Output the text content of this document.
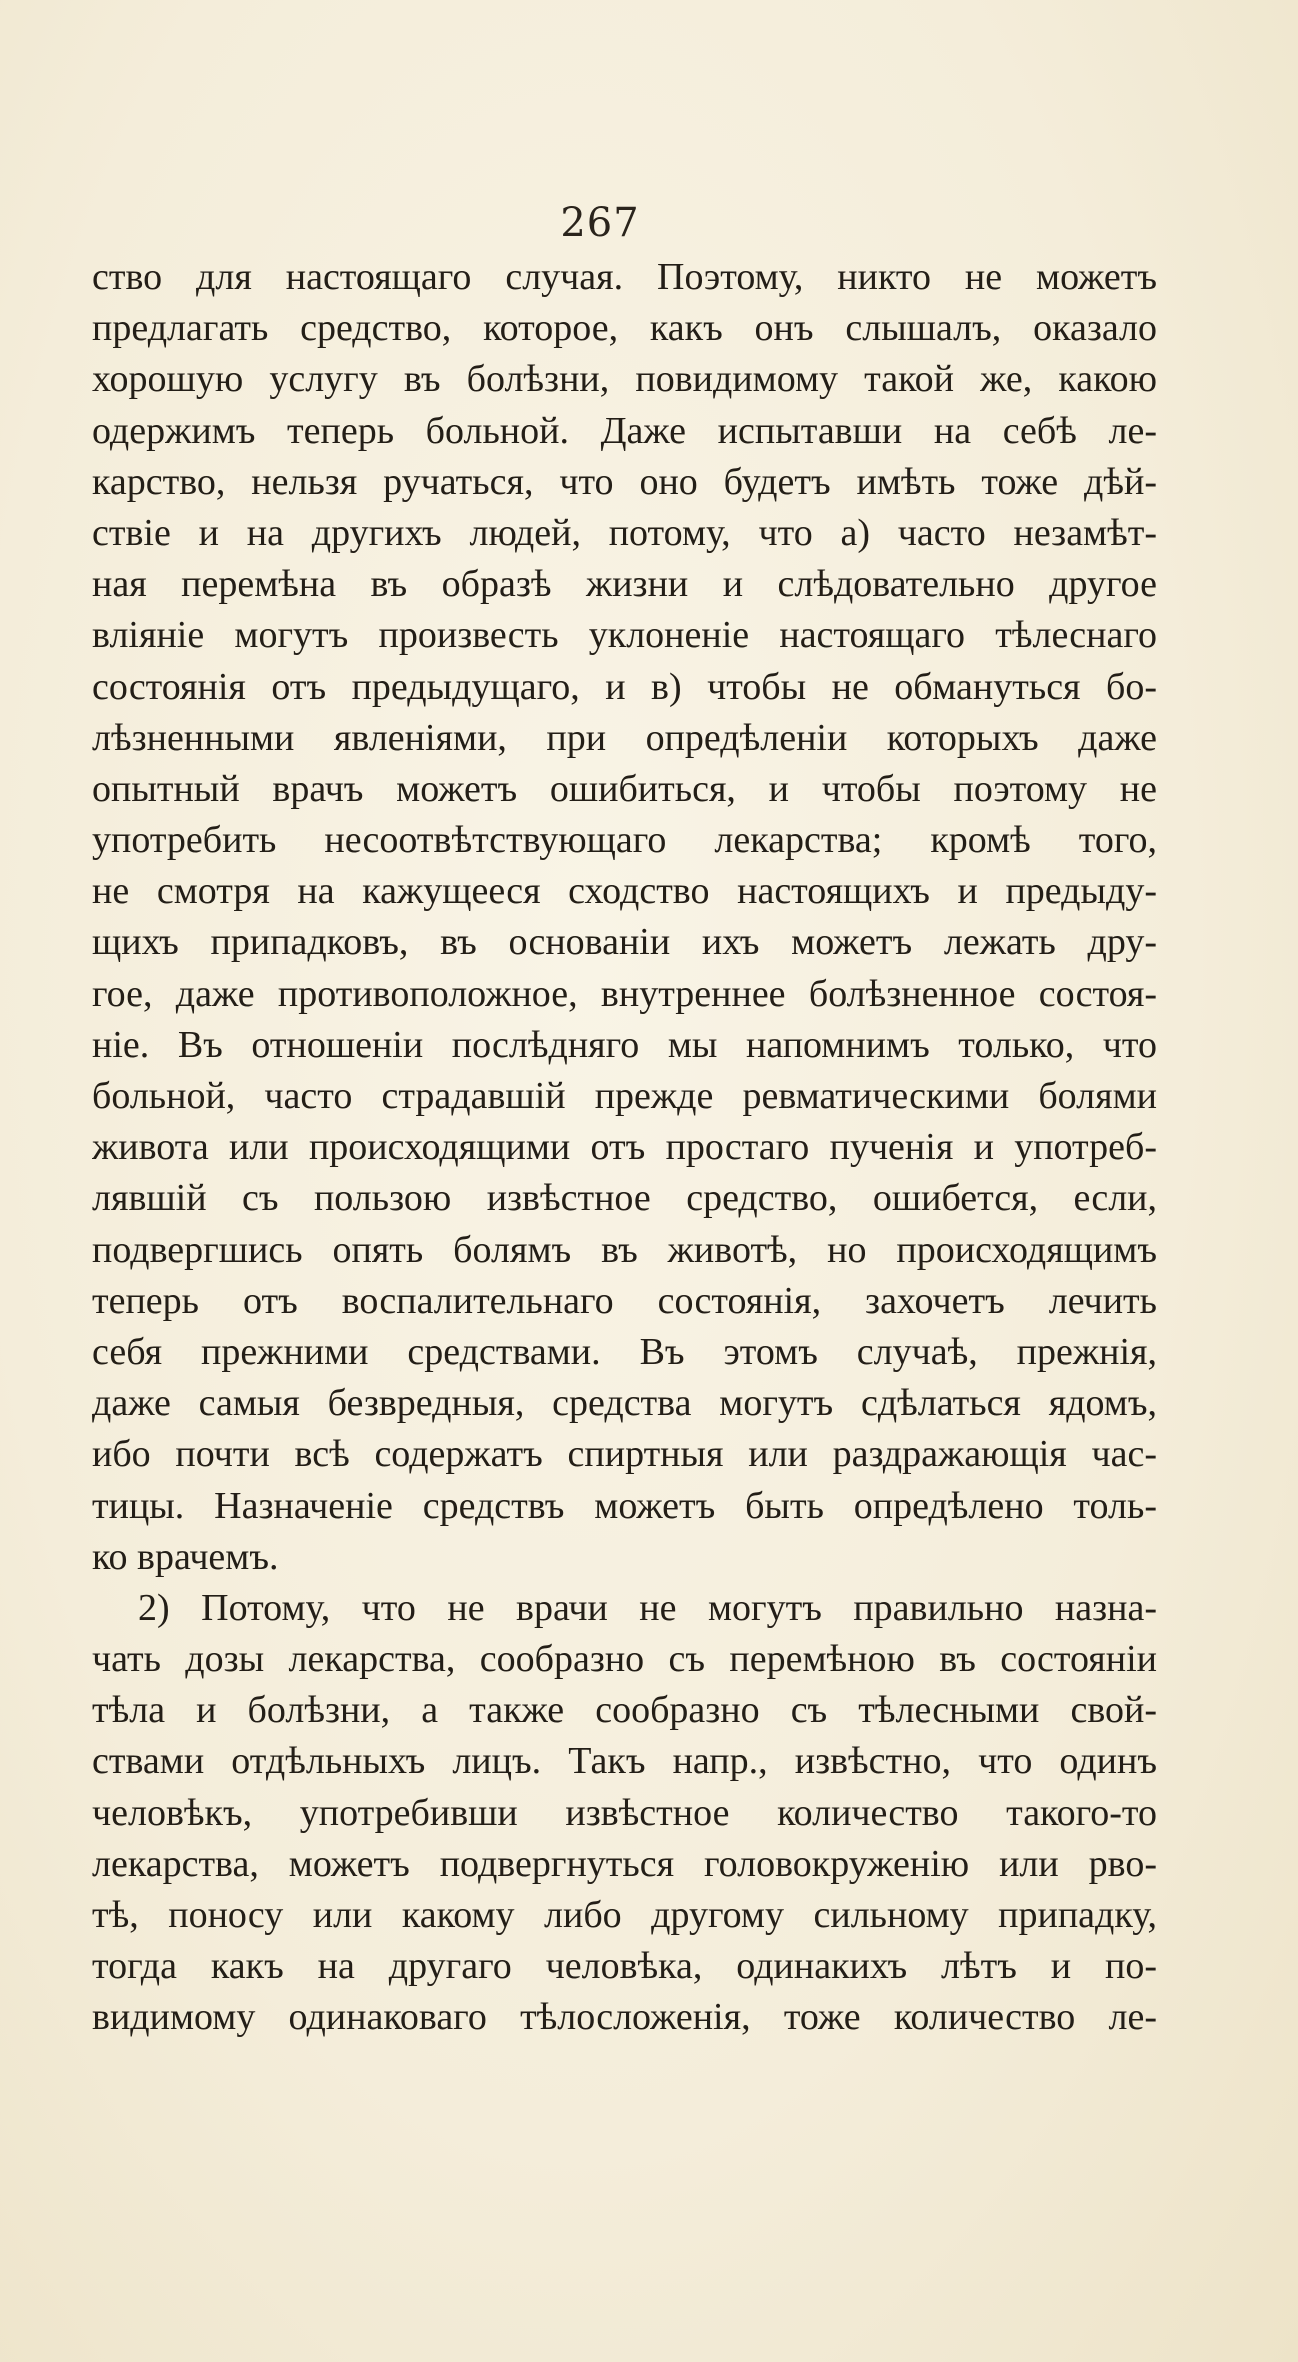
267
ство для настоящаго случая. Поэтому, никто не можетъ
предлагать средство, которое, какъ онъ слышалъ, оказало
хорошую услугу въ болѣзни, повидимому такой же, какою
одержимъ теперь больной. Даже испытавши на себѣ ле-
карство, нельзя ручаться, что оно будетъ имѣть тоже дѣй-
ствіе и на другихъ людей, потому, что а) часто незамѣт-
ная перемѣна въ образѣ жизни и слѣдовательно другое
вліяніе могутъ произвесть уклоненіе настоящаго тѣлеснаго
состоянія отъ предыдущаго, и в) чтобы не обмануться бо-
лѣзненными явленіями, при опредѣленіи которыхъ даже
опытный врачъ можетъ ошибиться, и чтобы поэтому не
употребить несоотвѣтствующаго лекарства; кромѣ того,
не смотря на кажущееся сходство настоящихъ и предыду-
щихъ припадковъ, въ основаніи ихъ можетъ лежать дру-
гое, даже противоположное, внутреннее болѣзненное состоя-
ніе. Въ отношеніи послѣдняго мы напомнимъ только, что
больной, часто страдавшій прежде ревматическими болями
живота или происходящими отъ простаго пученія и употреб-
лявшій съ пользою извѣстное средство, ошибется, если,
подвергшись опять болямъ въ животѣ, но происходящимъ
теперь отъ воспалительнаго состоянія, захочетъ лечить
себя прежними средствами. Въ этомъ случаѣ, прежнія,
даже самыя безвредныя, средства могутъ сдѣлаться ядомъ,
ибо почти всѣ содержатъ спиртныя или раздражающія час-
тицы. Назначеніе средствъ можетъ быть опредѣлено толь-
ко врачемъ.
2) Потому, что не врачи не могутъ правильно назна-
чать дозы лекарства, сообразно съ перемѣною въ состояніи
тѣла и болѣзни, а также сообразно съ тѣлесными свой-
ствами отдѣльныхъ лицъ. Такъ напр., извѣстно, что одинъ
человѣкъ, употребивши извѣстное количество такого-то
лекарства, можетъ подвергнуться головокруженію или рво-
тѣ, поносу или какому либо другому сильному припадку,
тогда какъ на другаго человѣка, одинакихъ лѣтъ и по-
видимому одинаковаго тѣлосложенія, тоже количество ле-
